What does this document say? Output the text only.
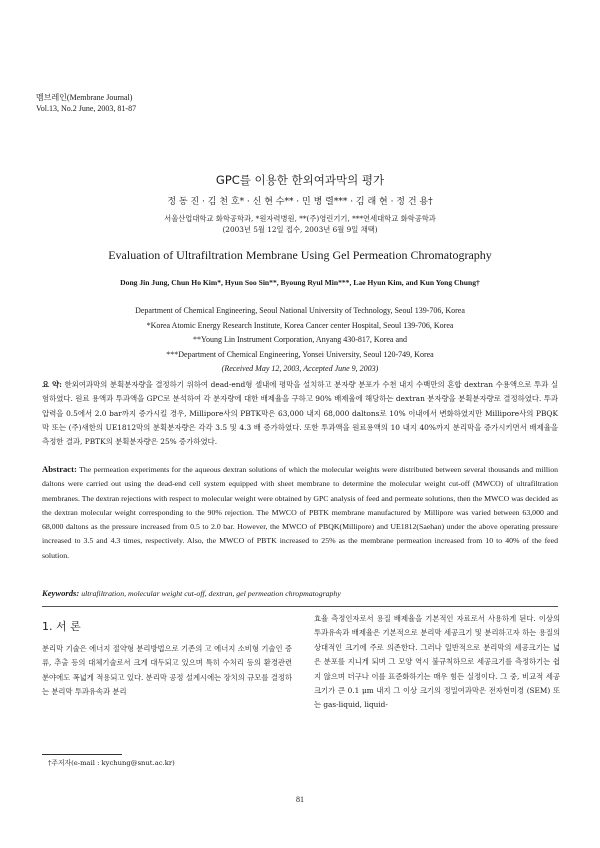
멤브레인(Membrane Journal)
Vol.13, No.2 June, 2003, 81-87
GPC를 이용한 한외여과막의 평가
정 동 진 · 김 천 호* · 신 현 수** · 민 병 렬*** · 김 래 현 · 정 건 용†
서울산업대학교 화학공학과, *원자력병원, **(주)영린기기, ***연세대학교 화학공학과
(2003년 5월 12일 접수, 2003년 6월 9일 채택)
Evaluation of Ultrafiltration Membrane Using Gel Permeation Chromatography
Dong Jin Jung, Chun Ho Kim*, Hyun Soo Sin**, Byoung Ryul Min***, Lae Hyun Kim, and Kun Yong Chung†
Department of Chemical Engineering, Seoul National University of Technology, Seoul 139-706, Korea
*Korea Atomic Energy Research Institute, Korea Cancer center Hospital, Seoul 139-706, Korea
**Young Lin Instrument Corporation, Anyang 430-817, Korea and
***Department of Chemical Engineering, Yonsei University, Seoul 120-749, Korea
(Received May 12, 2003, Accepted June 9, 2003)
요 약: 한외여과막의 분획분자량을 결정하기 위하여 dead-end형 셀내에 평막을 설치하고 분자량 분포가 수천 내지 수백만의 혼합 dextran 수용액으로 투과 실험하였다. 원료 용액과 투과액을 GPC로 분석하여 각 분자량에 대한 배제율을 구하고 90% 배제율에 해당하는 dextran 분자량을 분획분자량로 결정하였다. 투과압력을 0.5에서 2.0 bar까지 증가시킬 경우, Millipore사의 PBTK막은 63,000 내지 68,000 daltons로 10% 이내에서 변화하였지만 Millipore사의 PBQK 막 또는 (주)새한의 UE1812막의 분획분자량은 각각 3.5 및 4.3 배 증가하였다. 또한 투과액을 원료용액의 10 내지 40%까지 분리막을 증가시키면서 배제율을 측정한 결과, PBTK의 분획분자량은 25% 증가하였다.
Abstract: The permeation experiments for the aqueous dextran solutions of which the molecular weights were distributed between several thousands and million daltons were carried out using the dead-end cell system equipped with sheet membrane to determine the molecular weight cut-off (MWCO) of ultrafiltration membranes. The dextran rejections with respect to molecular weight were obtained by GPC analysis of feed and permeate solutions, then the MWCO was decided as the dextran molecular weight corresponding to the 90% rejection. The MWCO of PBTK membrane manufactured by Millipore was varied between 63,000 and 68,000 daltons as the pressure increased from 0.5 to 2.0 bar. However, the MWCO of PBQK(Millipore) and UE1812(Saehan) under the above operating pressure increased to 3.5 and 4.3 times, respectively. Also, the MWCO of PBTK increased to 25% as the membrane permeation increased from 10 to 40% of the feed solution.
Keywords: ultrafiltration, molecular weight cut-off, dextran, gel permeation chropmatography
1. 서 론
분리막 기술은 에너지 절약형 분리방법으로 기존의 고 에너지 소비형 기술인 증류, 추출 등의 대체기술로서 크게 대두되고 있으며 특히 수처리 등의 환경관련 분야에도 폭넓게 적용되고 있다. 분리막 공정 설계시에는 장치의 규모를 결정하는 분리막 투과유속과 분리
효율 측정인자로서 용질 배제율을 기본적인 자료로서 사용하게 된다. 이상의 투과유속과 배제율은 기본적으로 분리막 세공크기 및 분리하고자 하는 용질의 상대적인 크기에 주로 의존한다. 그러나 일반적으로 분리막의 세공크기는 넓은 분포를 지니게 되며 그 모양 역시 불규칙하므로 세공크기를 측정하기는 쉽지 않으며 더구나 이를 표준화하기는 매우 힘든 실정이다. 그 중, 비교적 세공크기가 큰 0.1 μm 내지 그 이상 크기의 정밀여과막은 전자현미경 (SEM) 또는 gas-liquid, liquid-
†주저자(e-mail : kychung@snut.ac.kr)
81
